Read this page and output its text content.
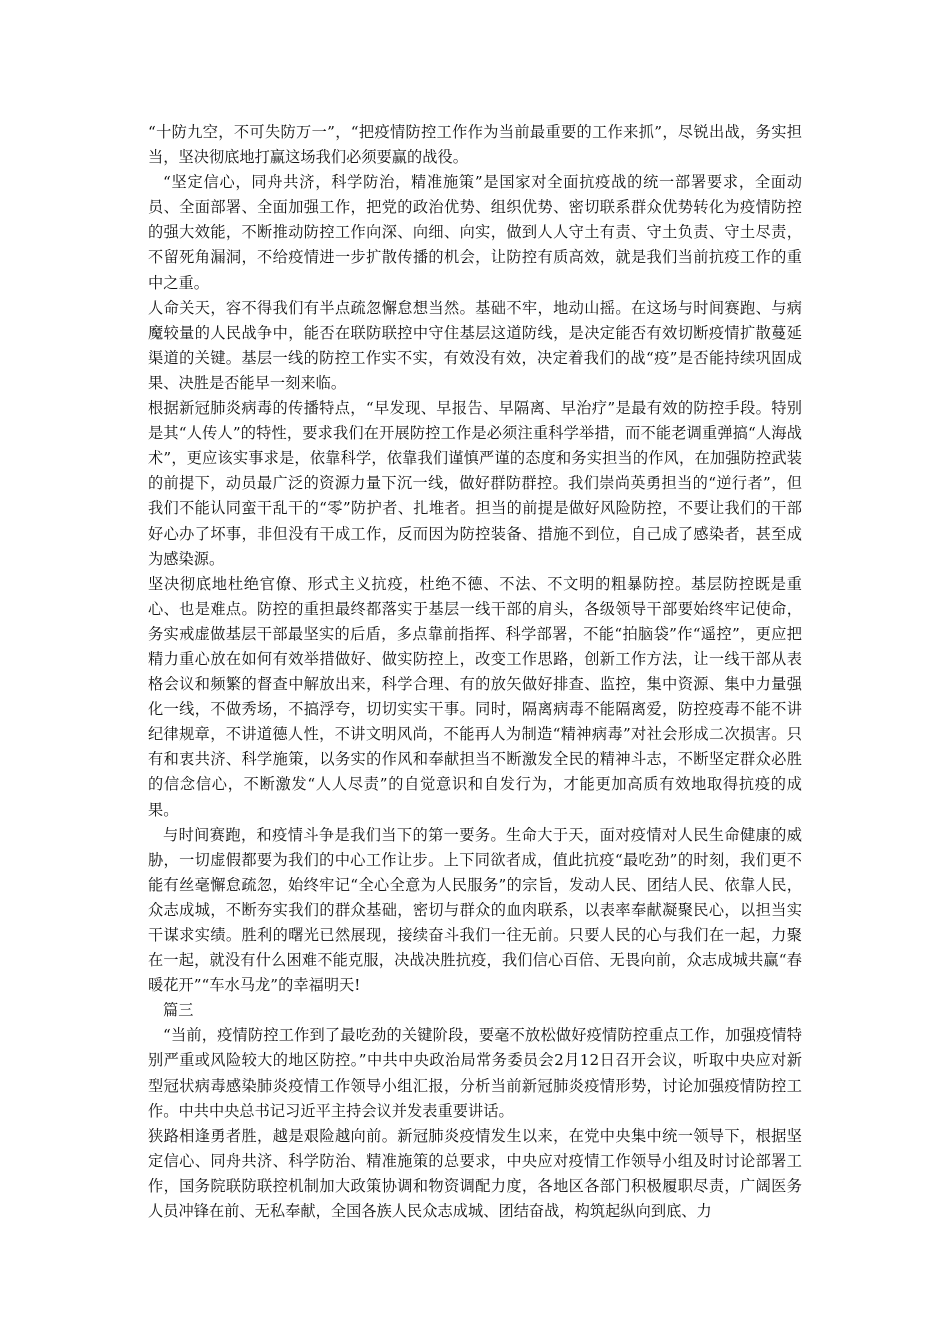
“十防九空，不可失防万一”，“把疫情防控工作作为当前最重要的工作来抓”，尽锐出战，务实担当，坚决彻底地打赢这场我们必须要赢的战役。

“坚定信心，同舟共济，科学防治，精准施策”是国家对全面抗疫战的统一部署要求，全面动员、全面部署、全面加强工作，把党的政治优势、组织优势、密切联系群众优势转化为疫情防控的强大效能，不断推动防控工作向深、向细、向实，做到人人守土有责、守土负责、守土尽责，不留死角漏洞，不给疫情进一步扩散传播的机会，让防控有质高效，就是我们当前抗疫工作的重中之重。

人命关天，容不得我们有半点疏忽懈怠想当然。基础不牢，地动山摇。在这场与时间赛跑、与病魔较量的人民战争中，能否在联防联控中守住基层这道防线，是决定能否有效切断疫情扩散蔓延渠道的关键。基层一线的防控工作实不实，有效没有效，决定着我们的战“疫”是否能持续巩固成果、决胜是否能早一刻来临。

根据新冠肺炎病毒的传播特点，“早发现、早报告、早隔离、早治疗”是最有效的防控手段。特别是其“人传人”的特性，要求我们在开展防控工作是必须注重科学举措，而不能老调重弹搞“人海战术”，更应该实事求是，依靠科学，依靠我们谨慎严谨的态度和务实担当的作风，在加强防控武装的前提下，动员最广泛的资源力量下沉一线，做好群防群控。我们崇尚英勇担当的“逆行者”，但我们不能认同蛮干乱干的“零”防护者、扎堆者。担当的前提是做好风险防控，不要让我们的干部好心办了坏事，非但没有干成工作，反而因为防控装备、措施不到位，自己成了感染者，甚至成为感染源。

坚决彻底地杜绝官僚、形式主义抗疫，杜绝不德、不法、不文明的粗暴防控。基层防控既是重心、也是难点。防控的重担最终都落实于基层一线干部的肩头，各级领导干部要始终牢记使命，务实戒虚做基层干部最坚实的后盾，多点靠前指挥、科学部署，不能“拍脑袋”作“遥控”，更应把精力重心放在如何有效举措做好、做实防控上，改变工作思路，创新工作方法，让一线干部从表格会议和频繁的督查中解放出来，科学合理、有的放矢做好排查、监控，集中资源、集中力量强化一线，不做秀场，不搞浮夸，切切实实干事。同时，隔离病毒不能隔离爱，防控疫毒不能不讲纪律规章，不讲道德人性，不讲文明风尚，不能再人为制造“精神病毒”对社会形成二次损害。只有和衷共济、科学施策，以务实的作风和奉献担当不断激发全民的精神斗志，不断坚定群众必胜的信念信心，不断激发“人人尽责”的自觉意识和自发行为，才能更加高质有效地取得抗疫的成果。

与时间赛跑，和疫情斗争是我们当下的第一要务。生命大于天，面对疫情对人民生命健康的威胁，一切虚假都要为我们的中心工作让步。上下同欲者成，值此抗疫“最吃劲”的时刻，我们更不能有丝毫懈怠疏忽，始终牢记“全心全意为人民服务”的宗旨，发动人民、团结人民、依靠人民，众志成城，不断夯实我们的群众基础，密切与群众的血肉联系，以表率奉献凝聚民心，以担当实干谋求实绩。胜利的曙光已然展现，接续奋斗我们一往无前。只要人民的心与我们在一起，力聚在一起，就没有什么困难不能克服，决战决胜抗疫，我们信心百倍、无畏向前，众志成城共赢“春暖花开”“车水马龙”的幸福明天!

篇三

“当前，疫情防控工作到了最吃劲的关键阶段，要毫不放松做好疫情防控重点工作，加强疫情特别严重或风险较大的地区防控。”中共中央政治局常务委员会2月12日召开会议，听取中央应对新型冠状病毒感染肺炎疫情工作领导小组汇报，分析当前新冠肺炎疫情形势，讨论加强疫情防控工作。中共中央总书记习近平主持会议并发表重要讲话。

狭路相逢勇者胜，越是艰险越向前。新冠肺炎疫情发生以来，在党中央集中统一领导下，根据坚定信心、同舟共济、科学防治、精准施策的总要求，中央应对疫情工作领导小组及时讨论部署工作，国务院联防联控机制加大政策协调和物资调配力度，各地区各部门积极履职尽责，广阔医务人员冲锋在前、无私奉献，全国各族人民众志成城、团结奋战，构筑起纵向到底、力
